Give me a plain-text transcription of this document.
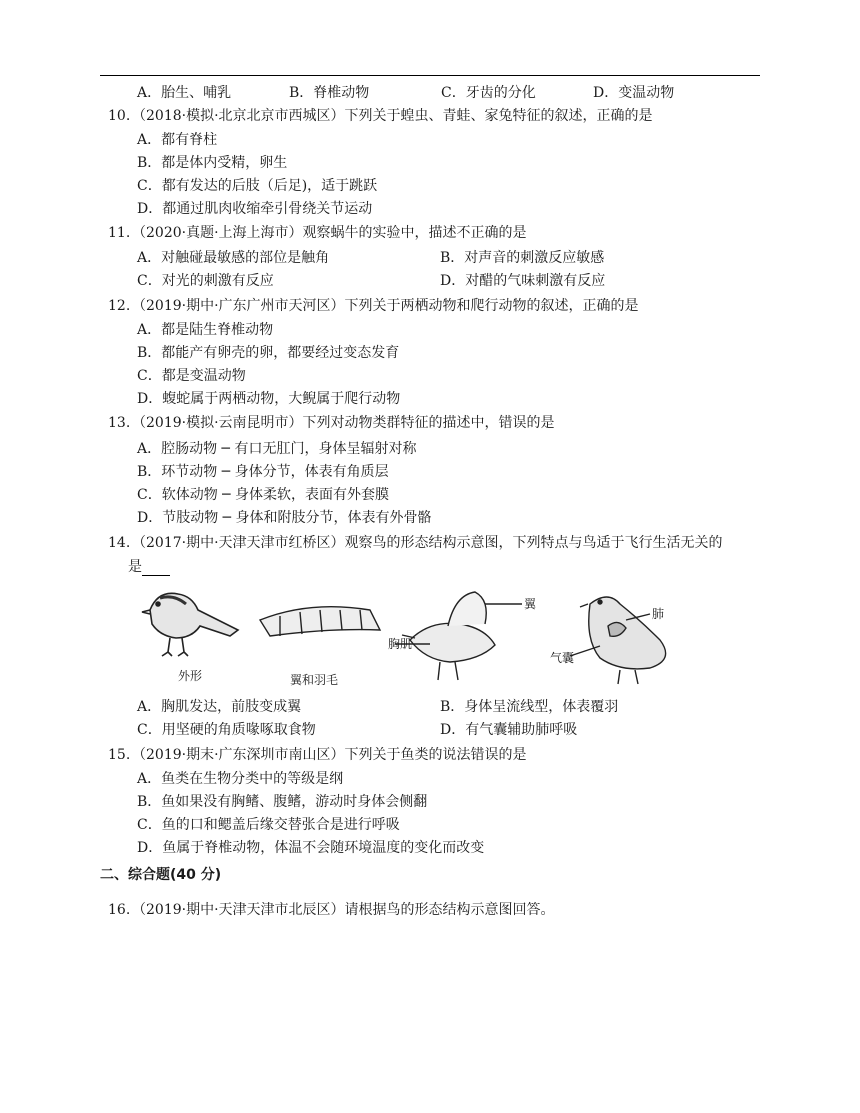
A．胎生、哺乳	B．脊椎动物	C．牙齿的分化	D．变温动物
10. （2018·模拟·北京北京市西城区）下列关于蝗虫、青蛙、家兔特征的叙述，正确的是
A．都有脊柱
B．都是体内受精，卵生
C．都有发达的后肢（后足)，适于跳跃
D．都通过肌肉收缩牵引骨绕关节运动
11. （2020·真题·上海上海市）观察蜗牛的实验中，描述不正确的是
A．对触碰最敏感的部位是触角	B．对声音的刺激反应敏感
C．对光的刺激有反应	D．对醋的气味刺激有反应
12. （2019·期中·广东广州市天河区）下列关于两栖动物和爬行动物的叙述，正确的是
A．都是陆生脊椎动物
B．都能产有卵壳的卵，都要经过变态发育
C．都是变温动物
D．蝮蛇属于两栖动物，大鲵属于爬行动物
13. （2019·模拟·云南昆明市）下列对动物类群特征的描述中，错误的是
A．腔肠动物 ─ 有口无肛门，身体呈辐射对称
B．环节动物 ─ 身体分节，体表有角质层
C．软体动物 ─ 身体柔软，表面有外套膜
D．节肢动物 ─ 身体和附肢分节，体表有外骨骼
14. （2017·期中·天津天津市红桥区）观察鸟的形态结构示意图，下列特点与鸟适于飞行生活无关的
是
外形	翼和羽毛
胸肌
翼
肺
气囊
A．胸肌发达，前肢变成翼	B．身体呈流线型，体表覆羽
C．用坚硬的角质喙啄取食物	D．有气囊辅助肺呼吸
15. （2019·期末·广东深圳市南山区）下列关于鱼类的说法错误的是
A．鱼类在生物分类中的等级是纲
B．鱼如果没有胸鳍、腹鳍，游动时身体会侧翻
C．鱼的口和鳃盖后缘交替张合是进行呼吸
D．鱼属于脊椎动物，体温不会随环境温度的变化而改变
二、综合题(40 分)
16. （2019·期中·天津天津市北辰区）请根据鸟的形态结构示意图回答。
